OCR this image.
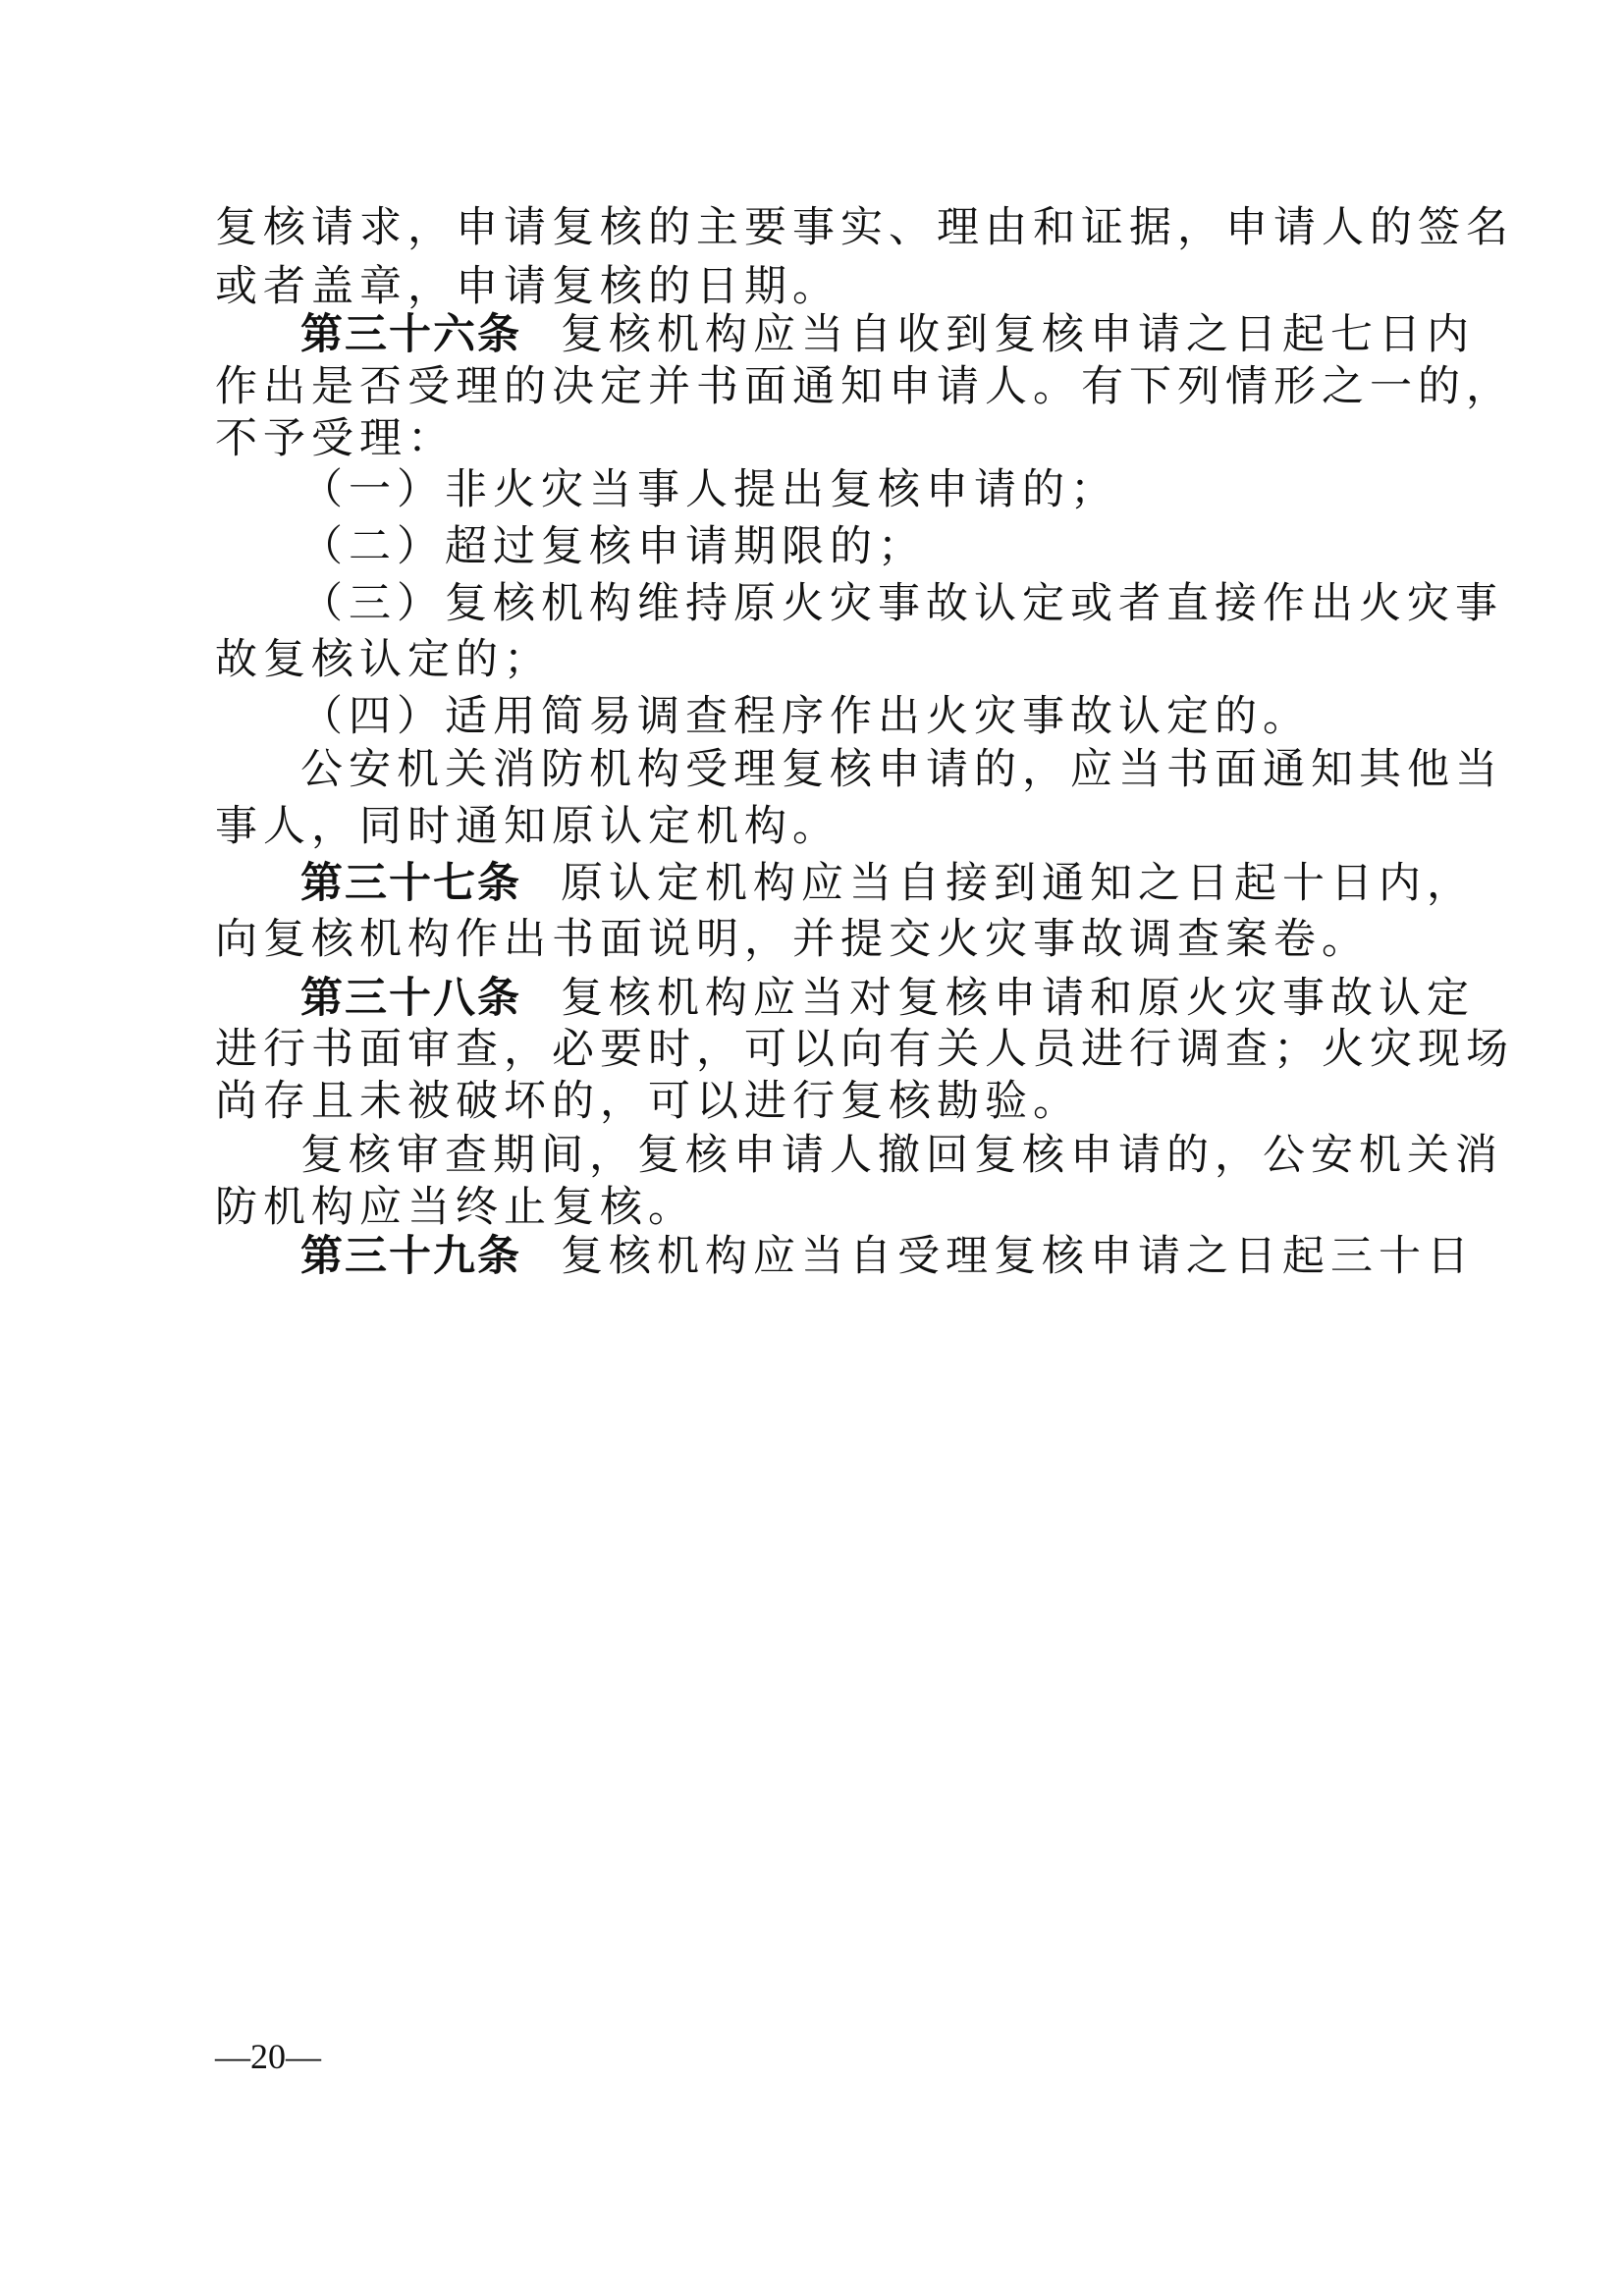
复核请求，申请复核的主要事实、理由和证据，申请人的签名
或者盖章，申请复核的日期。
第三十六条 复核机构应当自收到复核申请之日起七日内
作出是否受理的决定并书面通知申请人。有下列情形之一的，
不予受理：
（一）非火灾当事人提出复核申请的；
（二）超过复核申请期限的；
（三）复核机构维持原火灾事故认定或者直接作出火灾事
故复核认定的；
（四）适用简易调查程序作出火灾事故认定的。
公安机关消防机构受理复核申请的，应当书面通知其他当
事人，同时通知原认定机构。
第三十七条 原认定机构应当自接到通知之日起十日内，
向复核机构作出书面说明，并提交火灾事故调查案卷。
第三十八条 复核机构应当对复核申请和原火灾事故认定
进行书面审查，必要时，可以向有关人员进行调查；火灾现场
尚存且未被破坏的，可以进行复核勘验。
复核审查期间，复核申请人撤回复核申请的，公安机关消
防机构应当终止复核。
第三十九条 复核机构应当自受理复核申请之日起三十日
—20—
